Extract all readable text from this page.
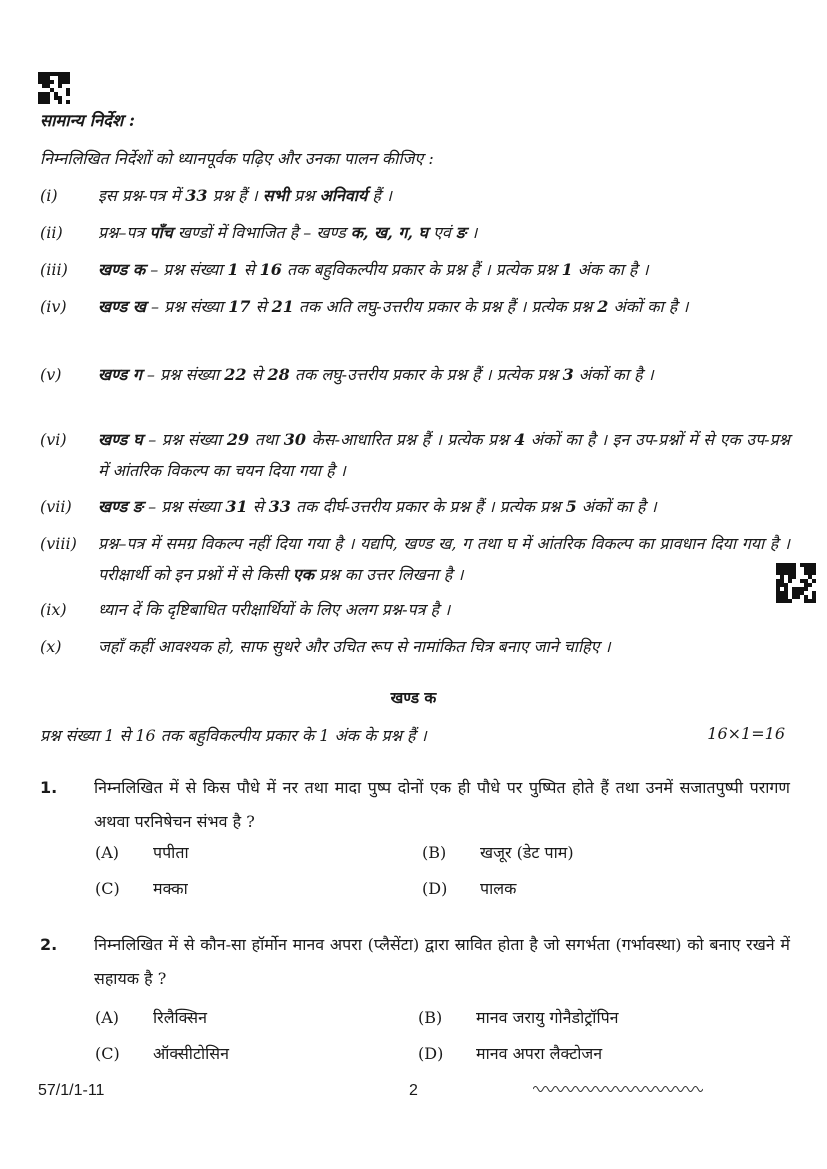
सामान्य निर्देश :
निम्नलिखित निर्देशों को ध्यानपूर्वक पढ़िए और उनका पालन कीजिए :
(i)	इस प्रश्न-पत्र में 33 प्रश्न हैं । सभी प्रश्न अनिवार्य हैं ।
(ii)	प्रश्न–पत्र पाँच खण्डों में विभाजित है – खण्ड क, ख, ग, घ एवं ङ ।
(iii)	खण्ड क – प्रश्न संख्या 1 से 16 तक बहुविकल्पीय प्रकार के प्रश्न हैं । प्रत्येक प्रश्न 1 अंक का है ।
(iv)	खण्ड ख – प्रश्न संख्या 17 से 21 तक अति लघु-उत्तरीय प्रकार के प्रश्न हैं । प्रत्येक प्रश्न 2 अंकों का है ।
(v)	खण्ड ग – प्रश्न संख्या 22 से 28 तक लघु-उत्तरीय प्रकार के प्रश्न हैं । प्रत्येक प्रश्न 3 अंकों का है ।
(vi)	खण्ड घ – प्रश्न संख्या 29 तथा 30 केस-आधारित प्रश्न हैं । प्रत्येक प्रश्न 4 अंकों का है । इन उप-प्रश्नों में से एक उप-प्रश्न में आंतरिक विकल्प का चयन दिया गया है ।
(vii)	खण्ड ङ – प्रश्न संख्या 31 से 33 तक दीर्घ-उत्तरीय प्रकार के प्रश्न हैं । प्रत्येक प्रश्न 5 अंकों का है ।
(viii)	प्रश्न–पत्र में समग्र विकल्प नहीं दिया गया है । यद्यपि, खण्ड ख, ग तथा घ में आंतरिक विकल्प का प्रावधान दिया गया है । परीक्षार्थी को इन प्रश्नों में से किसी एक प्रश्न का उत्तर लिखना है ।
(ix)	ध्यान दें कि दृष्टिबाधित परीक्षार्थियों के लिए अलग प्रश्न-पत्र है ।
(x)	जहाँ कहीं आवश्यक हो, साफ सुथरे और उचित रूप से नामांकित चित्र बनाए जाने चाहिए ।
खण्ड क
प्रश्न संख्या 1 से 16 तक बहुविकल्पीय प्रकार के 1 अंक के प्रश्न हैं ।	16×1=16
1. निम्नलिखित में से किस पौधे में नर तथा मादा पुष्प दोनों एक ही पौधे पर पुष्पित होते हैं तथा उनमें सजातपुष्पी परागण अथवा परनिषेचन संभव है ?
(A) पपीता	(B) खजूर (डेट पाम)
(C) मक्का	(D) पालक
2. निम्नलिखित में से कौन-सा हॉर्मोन मानव अपरा (प्लैसेंटा) द्वारा स्रावित होता है जो सगर्भता (गर्भावस्था) को बनाए रखने में सहायक है ?
(A) रिलैक्सिन	(B) मानव जरायु गोनैडोट्रॉपिन
(C) ऑक्सीटोसिन	(D) मानव अपरा लैक्टोजन
57/1/1-11	2
